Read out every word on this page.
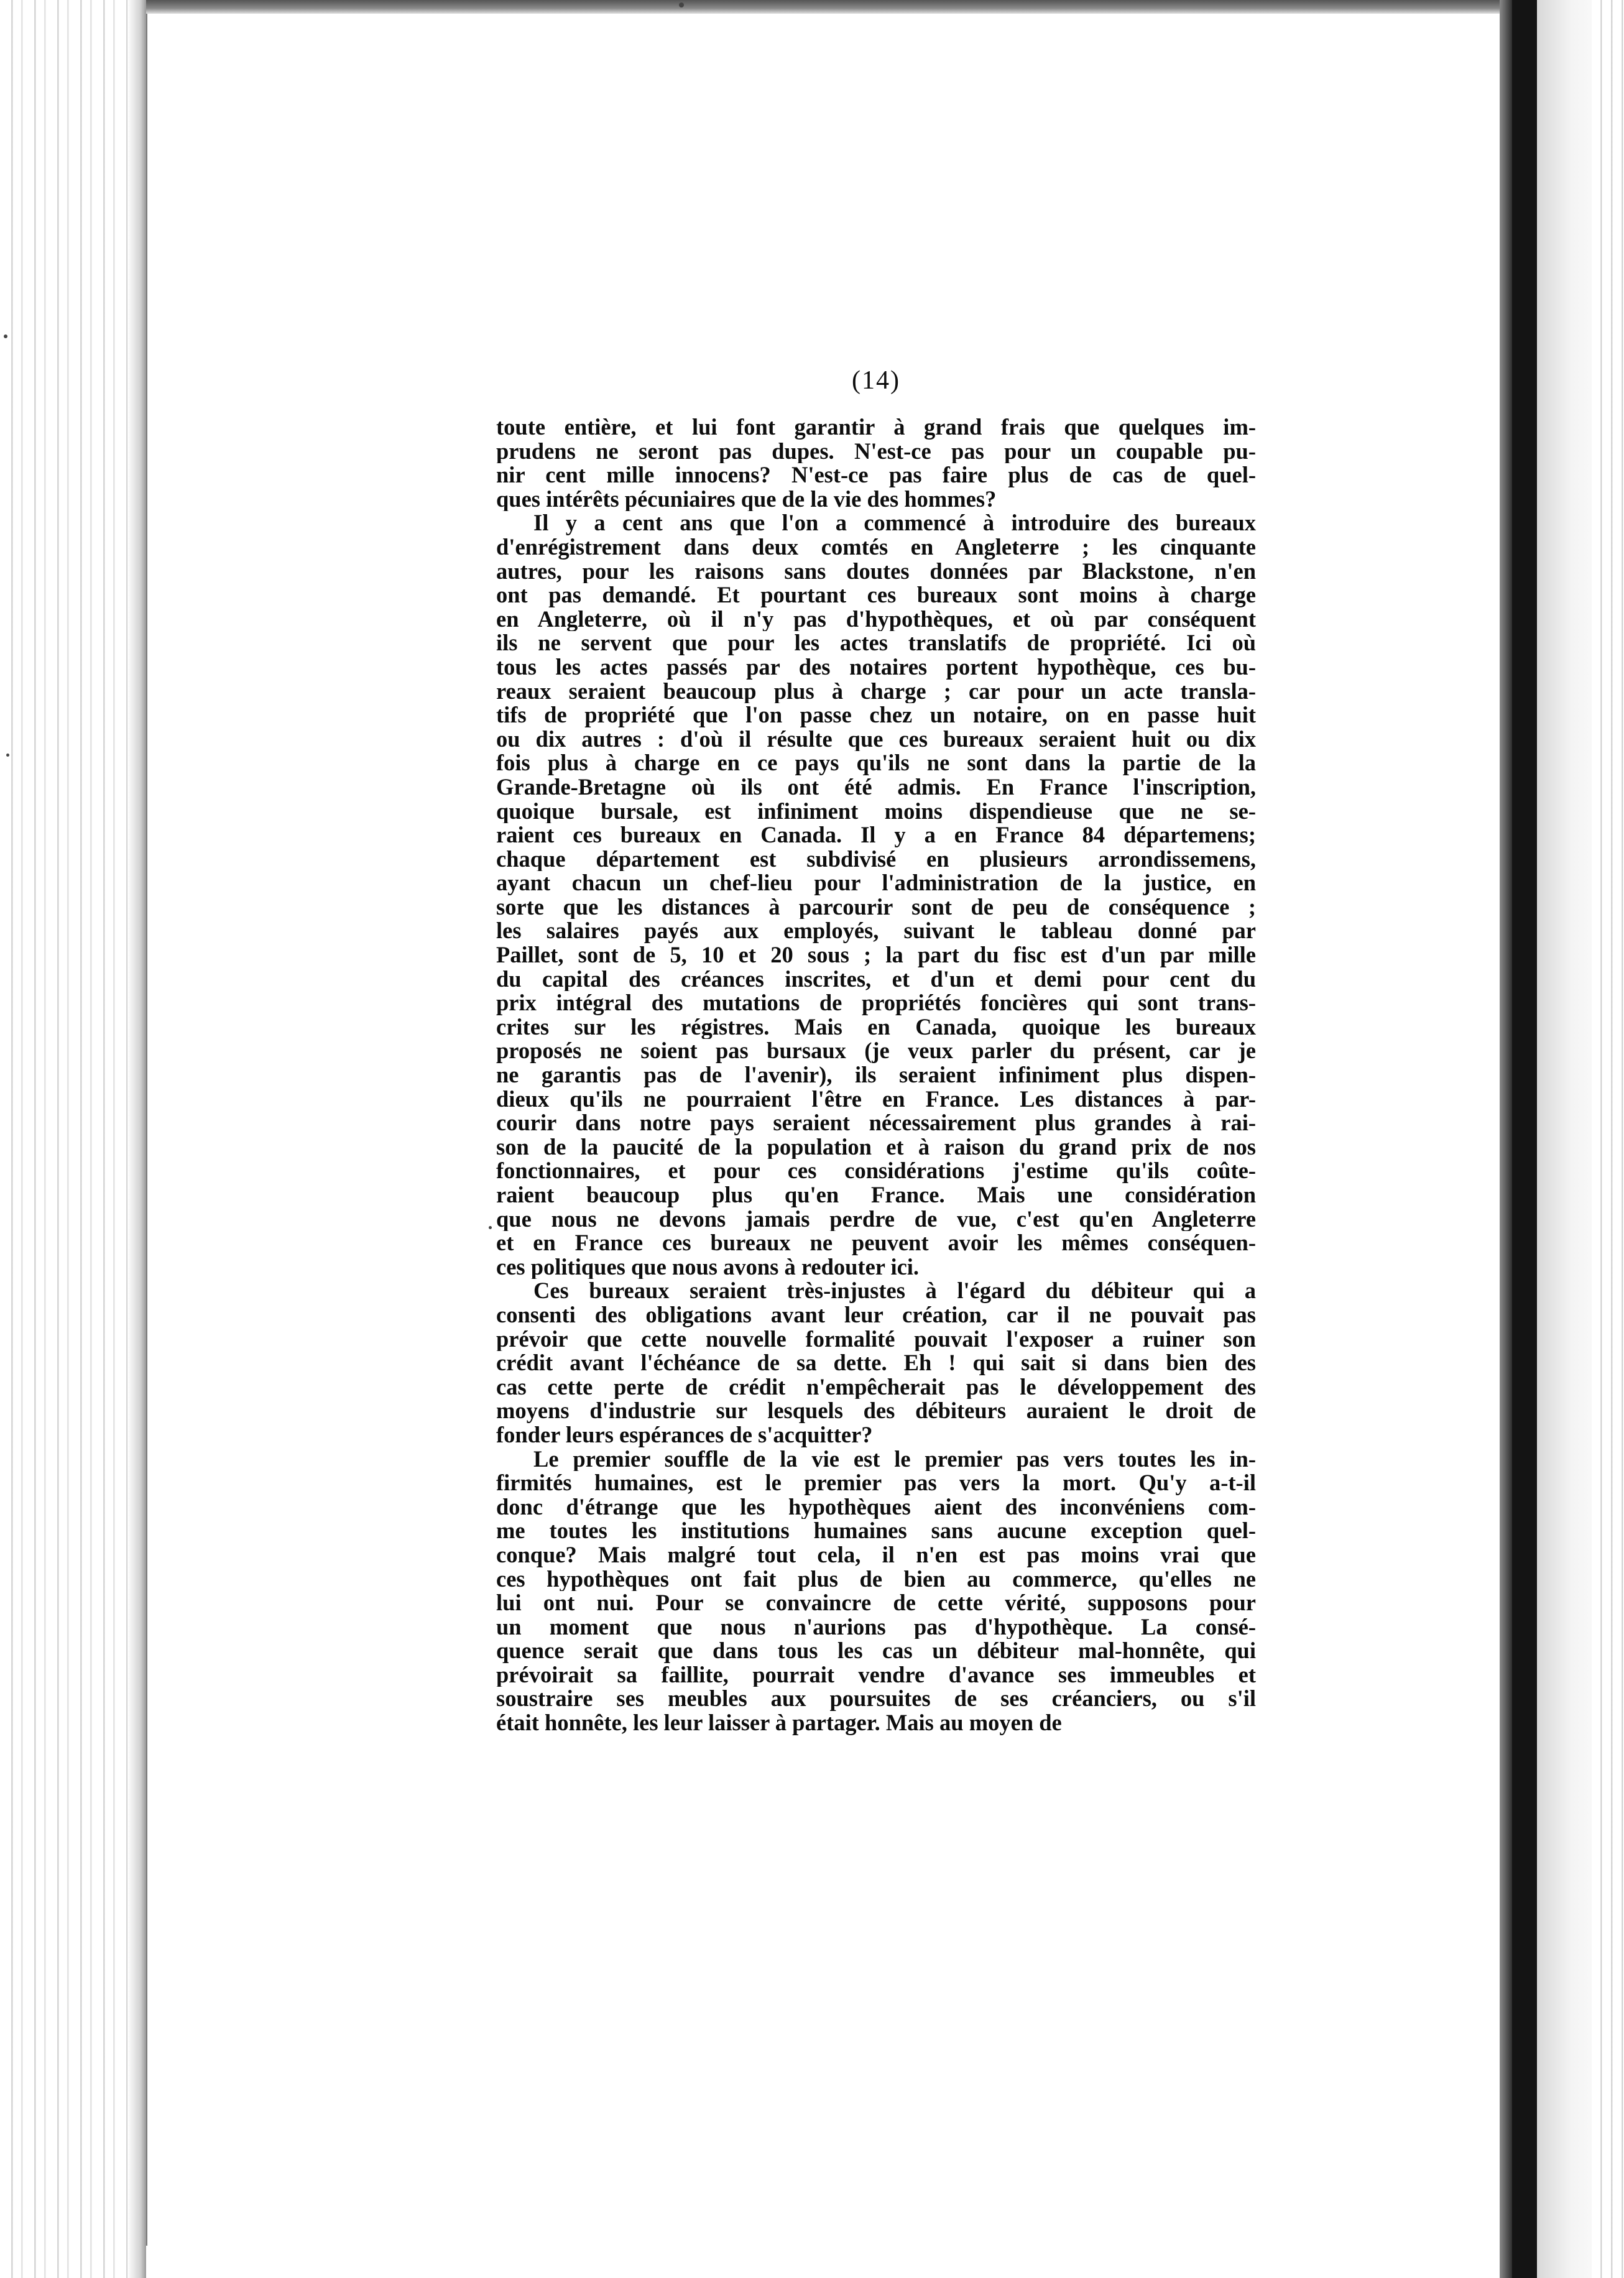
(14)
toute entière, et lui font garantir à grand frais que quelques im-
prudens ne seront pas dupes. N'est-ce pas pour un coupable pu-
nir cent mille innocens? N'est-ce pas faire plus de cas de quel-
ques intérêts pécuniaires que de la vie des hommes?
Il y a cent ans que l'on a commencé à introduire des bureaux
d'enrégistrement dans deux comtés en Angleterre ; les cinquante
autres, pour les raisons sans doutes données par Blackstone, n'en
ont pas demandé. Et pourtant ces bureaux sont moins à charge
en Angleterre, où il n'y pas d'hypothèques, et où par conséquent
ils ne servent que pour les actes translatifs de propriété. Ici où
tous les actes passés par des notaires portent hypothèque, ces bu-
reaux seraient beaucoup plus à charge ; car pour un acte transla-
tifs de propriété que l'on passe chez un notaire, on en passe huit
ou dix autres : d'où il résulte que ces bureaux seraient huit ou dix
fois plus à charge en ce pays qu'ils ne sont dans la partie de la
Grande-Bretagne où ils ont été admis. En France l'inscription,
quoique bursale, est infiniment moins dispendieuse que ne se-
raient ces bureaux en Canada. Il y a en France 84 départemens;
chaque département est subdivisé en plusieurs arrondissemens,
ayant chacun un chef-lieu pour l'administration de la justice, en
sorte que les distances à parcourir sont de peu de conséquence ;
les salaires payés aux employés, suivant le tableau donné par
Paillet, sont de 5, 10 et 20 sous ; la part du fisc est d'un par mille
du capital des créances inscrites, et d'un et demi pour cent du
prix intégral des mutations de propriétés foncières qui sont trans-
crites sur les régistres. Mais en Canada, quoique les bureaux
proposés ne soient pas bursaux (je veux parler du présent, car je
ne garantis pas de l'avenir), ils seraient infiniment plus dispen-
dieux qu'ils ne pourraient l'être en France. Les distances à par-
courir dans notre pays seraient nécessairement plus grandes à rai-
son de la paucité de la population et à raison du grand prix de nos
fonctionnaires, et pour ces considérations j'estime qu'ils coûte-
raient beaucoup plus qu'en France. Mais une considération
que nous ne devons jamais perdre de vue, c'est qu'en Angleterre
et en France ces bureaux ne peuvent avoir les mêmes conséquen-
ces politiques que nous avons à redouter ici.
Ces bureaux seraient très-injustes à l'égard du débiteur qui a
consenti des obligations avant leur création, car il ne pouvait pas
prévoir que cette nouvelle formalité pouvait l'exposer a ruiner son
crédit avant l'échéance de sa dette. Eh ! qui sait si dans bien des
cas cette perte de crédit n'empêcherait pas le développement des
moyens d'industrie sur lesquels des débiteurs auraient le droit de
fonder leurs espérances de s'acquitter?
Le premier souffle de la vie est le premier pas vers toutes les in-
firmités humaines, est le premier pas vers la mort. Qu'y a-t-il
donc d'étrange que les hypothèques aient des inconvéniens com-
me toutes les institutions humaines sans aucune exception quel-
conque? Mais malgré tout cela, il n'en est pas moins vrai que
ces hypothèques ont fait plus de bien au commerce, qu'elles ne
lui ont nui. Pour se convaincre de cette vérité, supposons pour
un moment que nous n'aurions pas d'hypothèque. La consé-
quence serait que dans tous les cas un débiteur mal-honnête, qui
prévoirait sa faillite, pourrait vendre d'avance ses immeubles et
soustraire ses meubles aux poursuites de ses créanciers, ou s'il
était honnête, les leur laisser à partager. Mais au moyen de
